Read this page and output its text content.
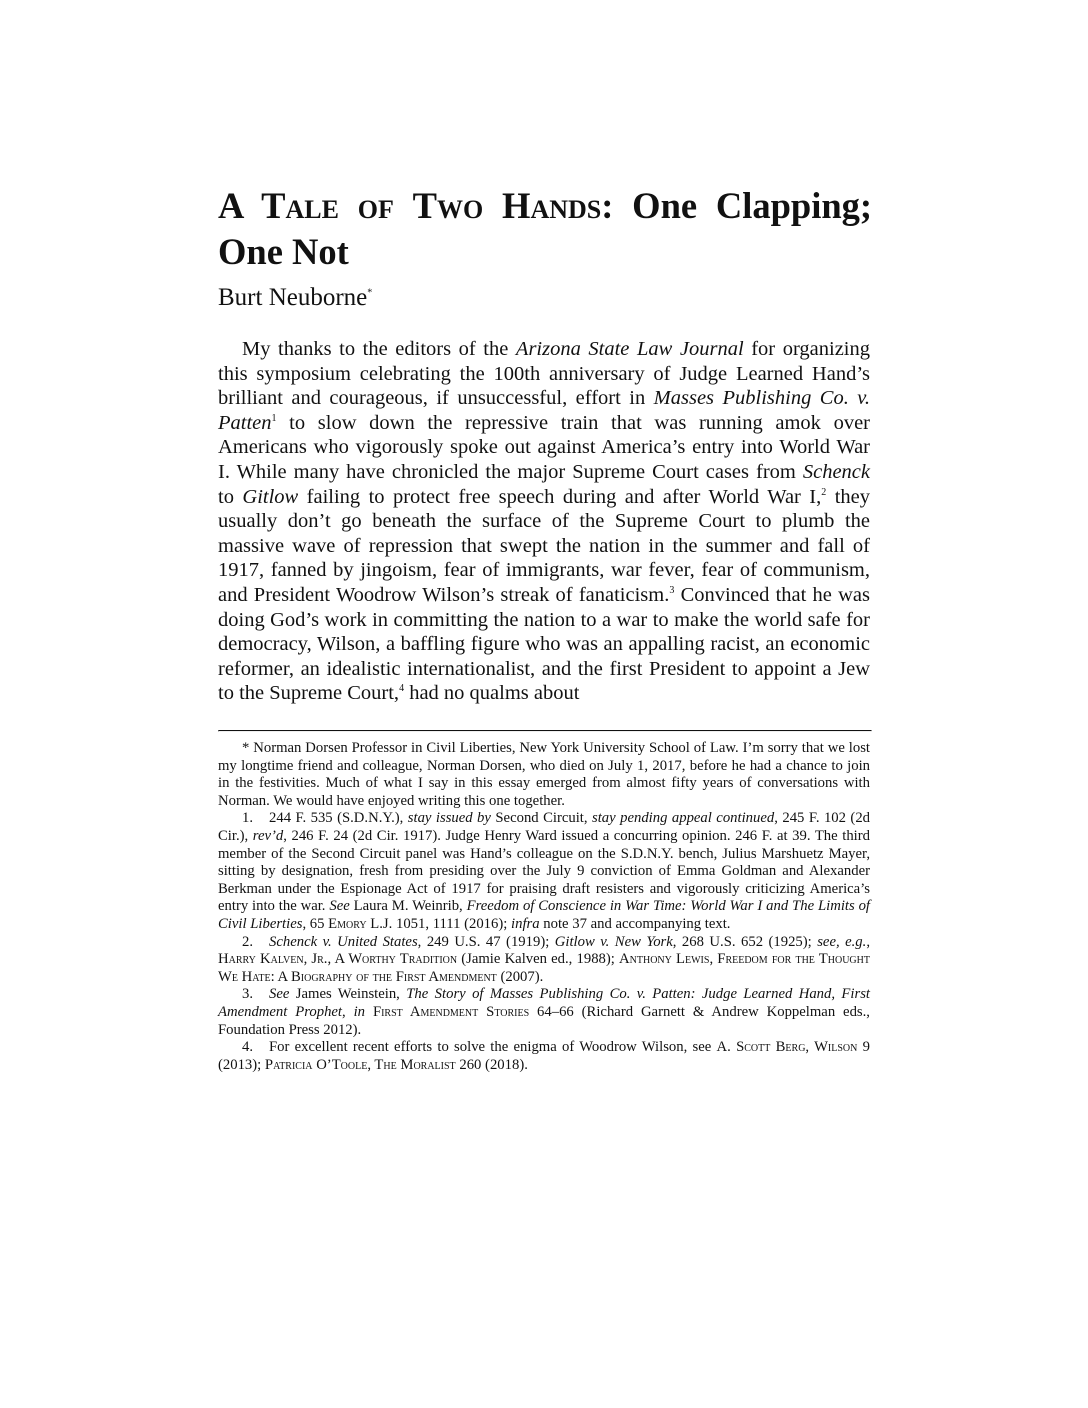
A Tale of Two Hands: One Clapping; One Not

Burt Neuborne*

My thanks to the editors of the Arizona State Law Journal for organizing this symposium celebrating the 100th anniversary of Judge Learned Hand’s brilliant and courageous, if unsuccessful, effort in Masses Publishing Co. v. Patten$^1$ to slow down the repressive train that was running amok over Americans who vigorously spoke out against America’s entry into World War I. While many have chronicled the major Supreme Court cases from Schenck to Gitlow failing to protect free speech during and after World War I,$^2$ they usually don’t go beneath the surface of the Supreme Court to plumb the massive wave of repression that swept the nation in the summer and fall of 1917, fanned by jingoism, fear of immigrants, war fever, fear of communism, and President Woodrow Wilson’s streak of fanaticism.$^3$ Convinced that he was doing God’s work in committing the nation to a war to make the world safe for democracy, Wilson, a baffling figure who was an appalling racist, an economic reformer, an idealistic internationalist, and the first President to appoint a Jew to the Supreme Court,$^4$ had no qualms about

* Norman Dorsen Professor in Civil Liberties, New York University School of Law. I’m sorry that we lost my longtime friend and colleague, Norman Dorsen, who died on July 1, 2017, before he had a chance to join in the festivities. Much of what I say in this essay emerged from almost fifty years of conversations with Norman. We would have enjoyed writing this one together.

1. 244 F. 535 (S.D.N.Y.), stay issued by Second Circuit, stay pending appeal continued, 245 F. 102 (2d Cir.), rev’d, 246 F. 24 (2d Cir. 1917). Judge Henry Ward issued a concurring opinion. 246 F. at 39. The third member of the Second Circuit panel was Hand’s colleague on the S.D.N.Y. bench, Julius Marshuetz Mayer, sitting by designation, fresh from presiding over the July 9 conviction of Emma Goldman and Alexander Berkman under the Espionage Act of 1917 for praising draft resisters and vigorously criticizing America’s entry into the war. See Laura M. Weinrib, Freedom of Conscience in War Time: World War I and The Limits of Civil Liberties, 65 Emory L.J. 1051, 1111 (2016); infra note 37 and accompanying text.

2. Schenck v. United States, 249 U.S. 47 (1919); Gitlow v. New York, 268 U.S. 652 (1925); see, e.g., Harry Kalven, Jr., A Worthy Tradition (Jamie Kalven ed., 1988); Anthony Lewis, Freedom for the Thought We Hate: A Biography of the First Amendment (2007).

3. See James Weinstein, The Story of Masses Publishing Co. v. Patten: Judge Learned Hand, First Amendment Prophet, in First Amendment Stories 64–66 (Richard Garnett & Andrew Koppelman eds., Foundation Press 2012).

4. For excellent recent efforts to solve the enigma of Woodrow Wilson, see A. Scott Berg, Wilson 9 (2013); Patricia O’Toole, The Moralist 260 (2018).
